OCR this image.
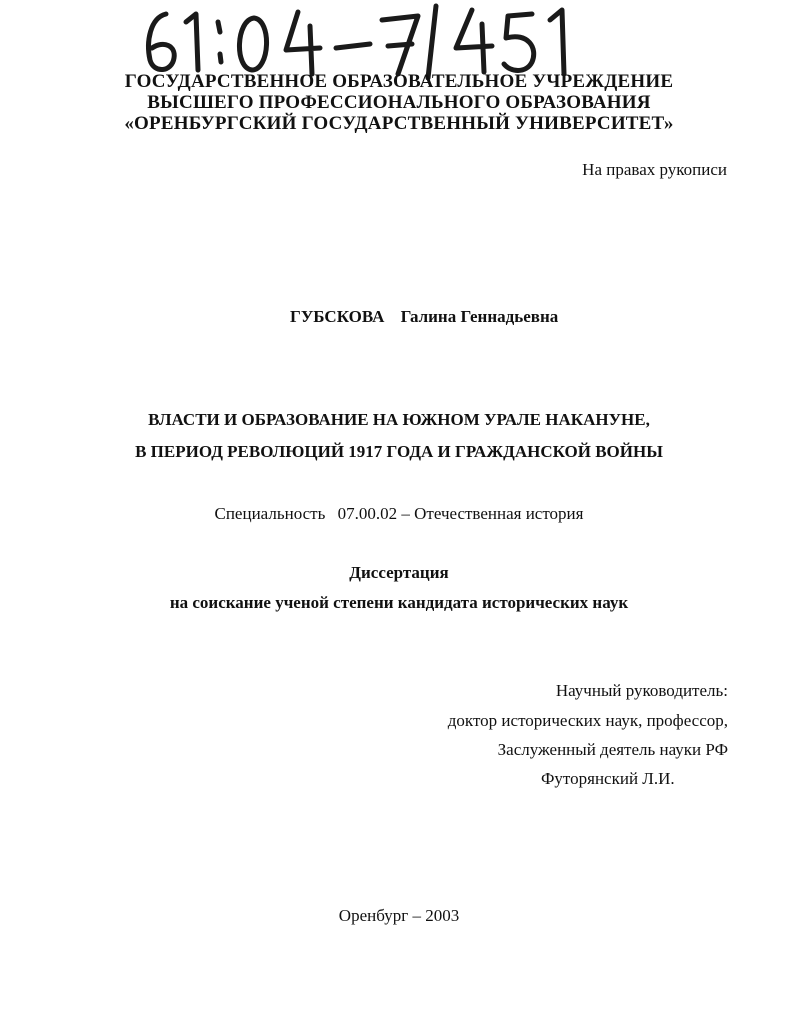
ГОСУДАРСТВЕННОЕ ОБРАЗОВАТЕЛЬНОЕ УЧРЕЖДЕНИЕ
ВЫСШЕГО ПРОФЕССИОНАЛЬНОГО ОБРАЗОВАНИЯ
«ОРЕНБУРГСКИЙ ГОСУДАРСТВЕННЫЙ УНИВЕРСИТЕТ»
На правах рукописи
ГУБСКОВА Галина Геннадьевна
ВЛАСТИ И ОБРАЗОВАНИЕ НА ЮЖНОМ УРАЛЕ НАКАНУНЕ,
В ПЕРИОД РЕВОЛЮЦИЙ 1917 ГОДА И ГРАЖДАНСКОЙ ВОЙНЫ
Специальность 07.00.02 – Отечественная история
Диссертация
на соискание ученой степени кандидата исторических наук
Научный руководитель:
доктор исторических наук, профессор,
Заслуженный деятель науки РФ
Футорянский Л.И.
Оренбург – 2003
